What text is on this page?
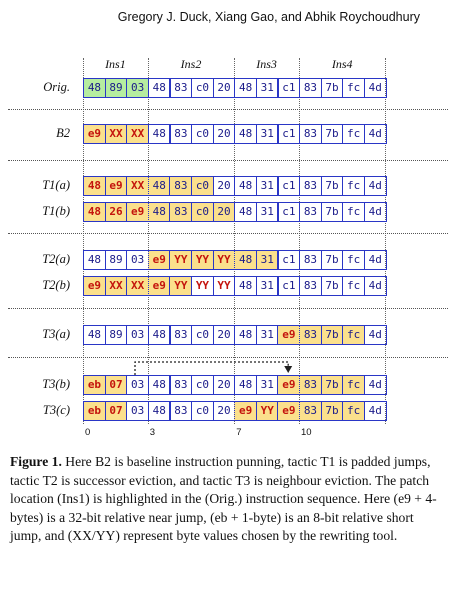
Gregory J. Duck, Xiang Gao, and Abhik Roychoudhury
Ins1	Ins2	Ins3	Ins4
Orig.	48 89 03 48 83 c0 20 48 31 c1 83 7b fc 4d
B2	e9 XX XX 48 83 c0 20 48 31 c1 83 7b fc 4d
T1(a)	48 e9 XX 48 83 c0 20 48 31 c1 83 7b fc 4d
T1(b)	48 26 e9 48 83 c0 20 48 31 c1 83 7b fc 4d
T2(a)	48 89 03 e9 YY YY YY 48 31 c1 83 7b fc 4d
T2(b)	e9 XX XX e9 YY YY YY 48 31 c1 83 7b fc 4d
T3(a)	48 89 03 48 83 c0 20 48 31 e9 83 7b fc 4d
T3(b)	eb 07 03 48 83 c0 20 48 31 e9 83 7b fc 4d
T3(c)	eb 07 03 48 83 c0 20 e9 YY e9 83 7b fc 4d
0	3	7	10
Figure 1. Here B2 is baseline instruction punning, tactic T1 is padded jumps, tactic T2 is successor eviction, and tactic T3 is neighbour eviction. The patch location (Ins1) is highlighted in the (Orig.) instruction sequence. Here (e9 + 4-bytes) is a 32-bit relative near jump, (eb + 1-byte) is an 8-bit relative short jump, and (XX/YY) represent byte values chosen by the rewriting tool.
